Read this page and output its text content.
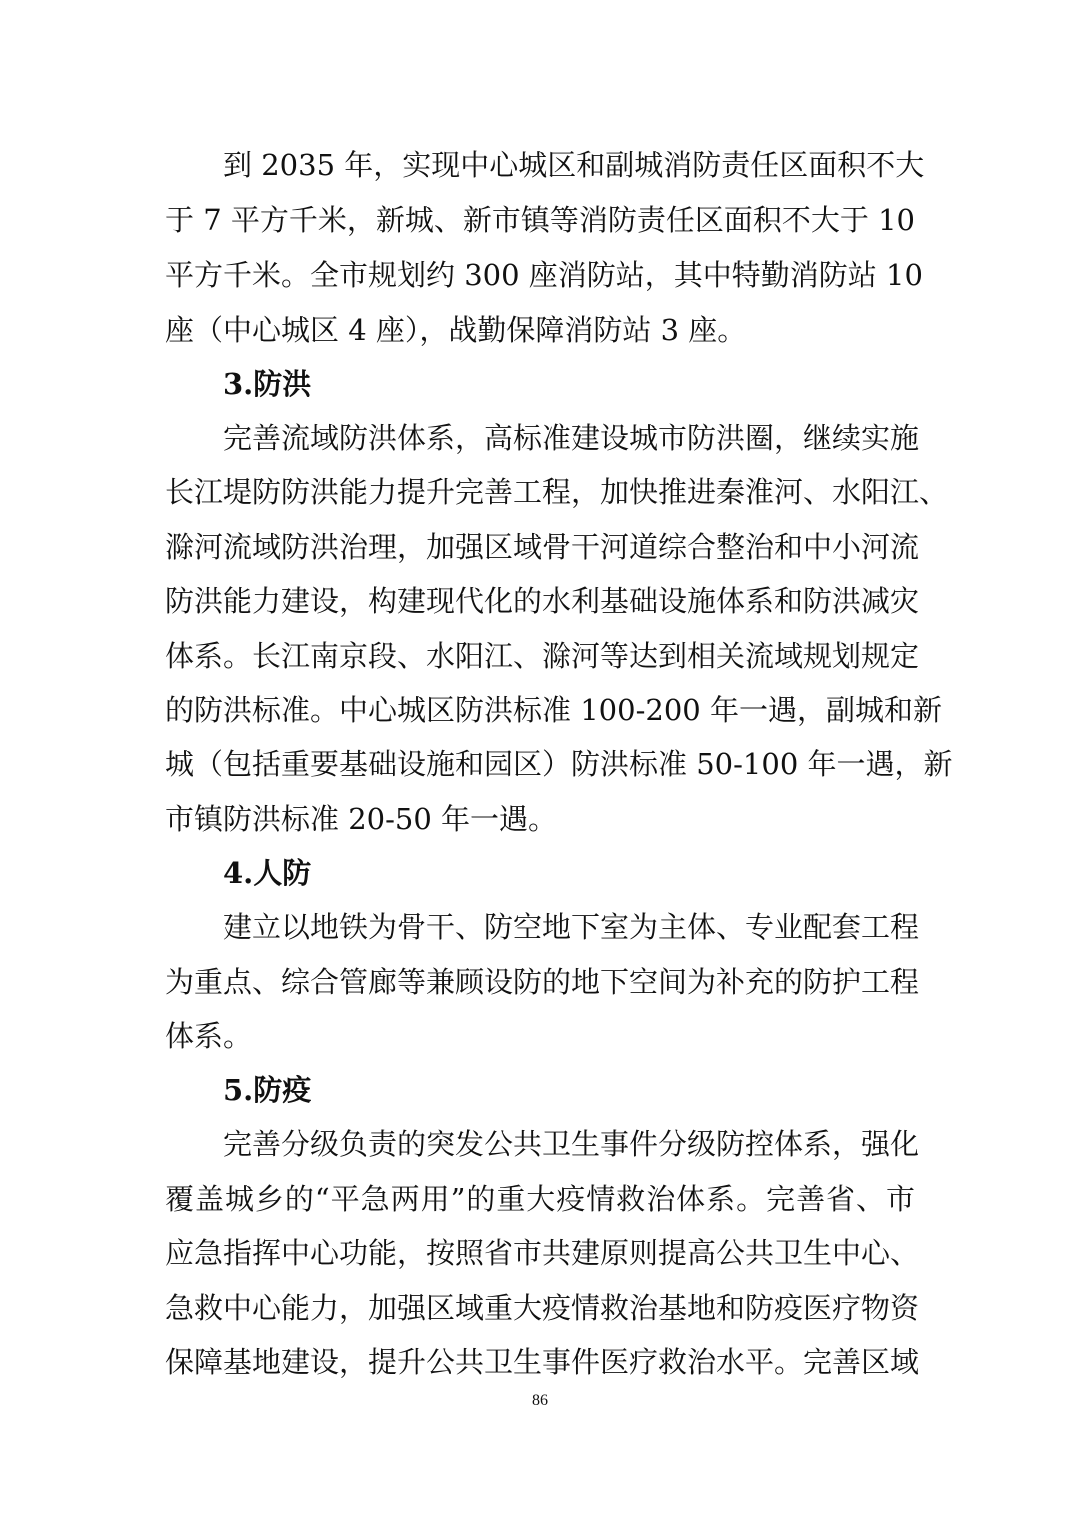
到 2035 年，实现中心城区和副城消防责任区面积不大
于 7 平方千米，新城、新市镇等消防责任区面积不大于 10
平方千米。全市规划约 300 座消防站，其中特勤消防站 10
座（中心城区 4 座），战勤保障消防站 3 座。
3.防洪
完善流域防洪体系，高标准建设城市防洪圈，继续实施
长江堤防防洪能力提升完善工程，加快推进秦淮河、水阳江、
滁河流域防洪治理，加强区域骨干河道综合整治和中小河流
防洪能力建设，构建现代化的水利基础设施体系和防洪减灾
体系。长江南京段、水阳江、滁河等达到相关流域规划规定
的防洪标准。中心城区防洪标准 100-200 年一遇，副城和新
城（包括重要基础设施和园区）防洪标准 50-100 年一遇，新
市镇防洪标准 20-50 年一遇。
4.人防
建立以地铁为骨干、防空地下室为主体、专业配套工程
为重点、综合管廊等兼顾设防的地下空间为补充的防护工程
体系。
5.防疫
完善分级负责的突发公共卫生事件分级防控体系，强化
覆盖城乡的“平急两用”的重大疫情救治体系。完善省、市
应急指挥中心功能，按照省市共建原则提高公共卫生中心、
急救中心能力，加强区域重大疫情救治基地和防疫医疗物资
保障基地建设，提升公共卫生事件医疗救治水平。完善区域
86
